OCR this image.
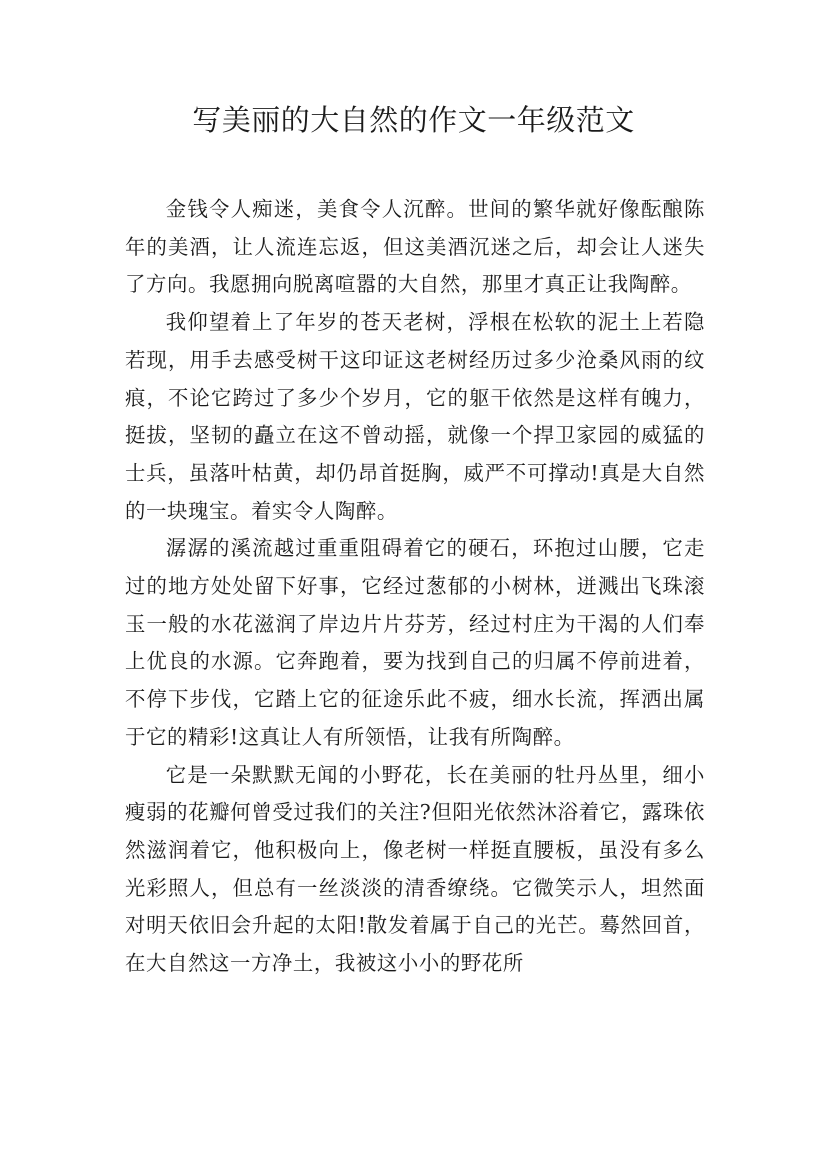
写美丽的大自然的作文一年级范文

金钱令人痴迷，美食令人沉醉。世间的繁华就好像酝酿陈年的美酒，让人流连忘返，但这美酒沉迷之后，却会让人迷失了方向。我愿拥向脱离喧嚣的大自然，那里才真正让我陶醉。

我仰望着上了年岁的苍天老树，浮根在松软的泥土上若隐若现，用手去感受树干这印证这老树经历过多少沧桑风雨的纹痕，不论它跨过了多少个岁月，它的躯干依然是这样有魄力，挺拔，坚韧的矗立在这不曾动摇，就像一个捍卫家园的威猛的士兵，虽落叶枯黄，却仍昂首挺胸，威严不可撑动!真是大自然的一块瑰宝。着实令人陶醉。

潺潺的溪流越过重重阻碍着它的硬石，环抱过山腰，它走过的地方处处留下好事，它经过葱郁的小树林，迸溅出飞珠滚玉一般的水花滋润了岸边片片芬芳，经过村庄为干渴的人们奉上优良的水源。它奔跑着，要为找到自己的归属不停前进着，不停下步伐，它踏上它的征途乐此不疲，细水长流，挥洒出属于它的精彩!这真让人有所领悟，让我有所陶醉。

它是一朵默默无闻的小野花，长在美丽的牡丹丛里，细小瘦弱的花瓣何曾受过我们的关注?但阳光依然沐浴着它，露珠依然滋润着它，他积极向上，像老树一样挺直腰板，虽没有多么光彩照人，但总有一丝淡淡的清香缭绕。它微笑示人，坦然面对明天依旧会升起的太阳!散发着属于自己的光芒。蓦然回首，在大自然这一方净土，我被这小小的野花所
